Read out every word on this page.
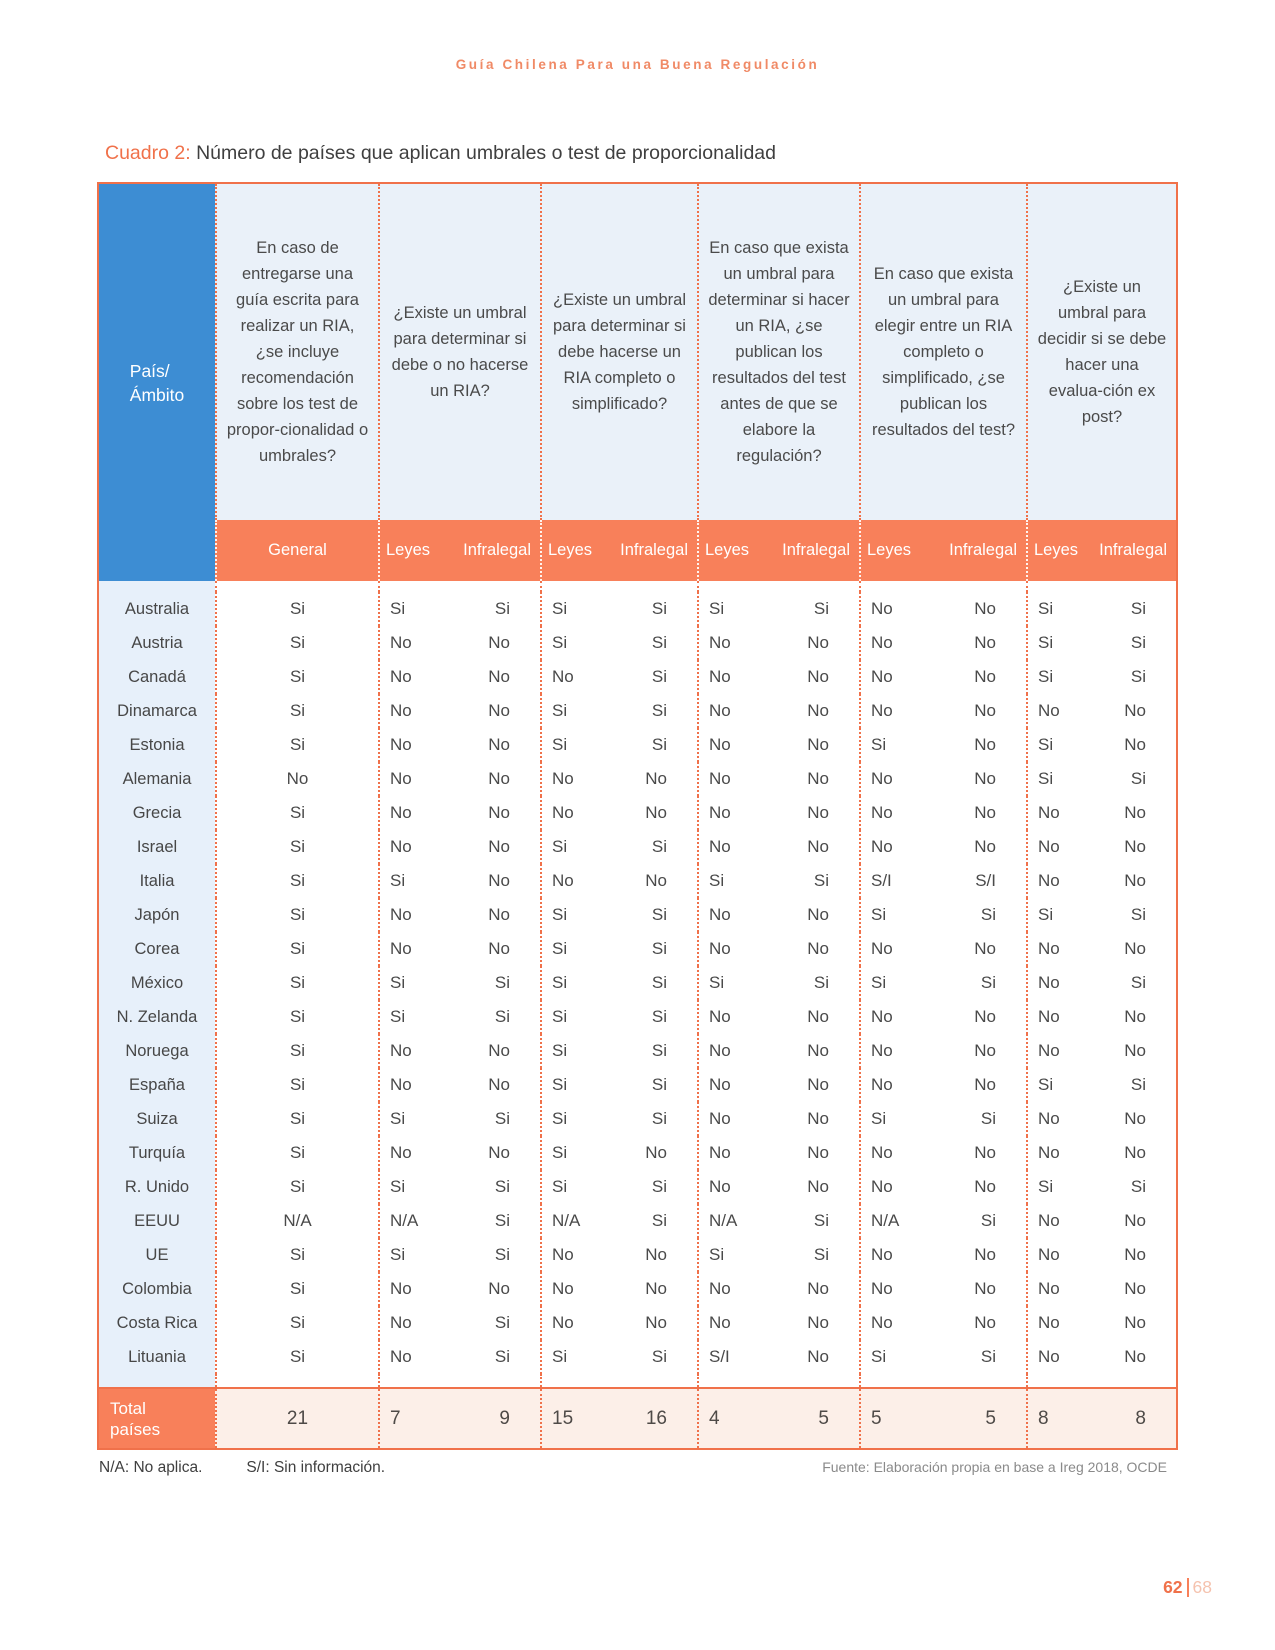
Guía Chilena Para una Buena Regulación
Cuadro 2: Número de países que aplican umbrales o test de proporcionalidad
País/
Ámbito
En caso de entregarse una guía escrita para realizar un RIA, ¿se incluye recomendación sobre los test de propor-cionalidad o umbrales?
¿Existe un umbral para determinar si debe o no hacerse un RIA?
¿Existe un umbral para determinar si debe hacerse un RIA completo o simplificado?
En caso que exista un umbral para determinar si hacer un RIA, ¿se publican los resultados del test antes de que se elabore la regulación?
En caso que exista un umbral para elegir entre un RIA completo o simplificado, ¿se publican los resultados del test?
¿Existe un umbral para decidir si se debe hacer una evalua-ción ex post?
General	Leyes	Infralegal	Leyes	Infralegal	Leyes	Infralegal	Leyes	Infralegal	Leyes	Infralegal
Australia	Si	Si	Si	Si	Si	Si	Si	No	No	Si	Si
Austria	Si	No	No	Si	Si	No	No	No	No	Si	Si
Canadá	Si	No	No	No	Si	No	No	No	No	Si	Si
Dinamarca	Si	No	No	Si	Si	No	No	No	No	No	No
Estonia	Si	No	No	Si	Si	No	No	Si	No	Si	No
Alemania	No	No	No	No	No	No	No	No	No	Si	Si
Grecia	Si	No	No	No	No	No	No	No	No	No	No
Israel	Si	No	No	Si	Si	No	No	No	No	No	No
Italia	Si	Si	No	No	No	Si	Si	S/I	S/I	No	No
Japón	Si	No	No	Si	Si	No	No	Si	Si	Si	Si
Corea	Si	No	No	Si	Si	No	No	No	No	No	No
México	Si	Si	Si	Si	Si	Si	Si	Si	Si	No	Si
N. Zelanda	Si	Si	Si	Si	Si	No	No	No	No	No	No
Noruega	Si	No	No	Si	Si	No	No	No	No	No	No
España	Si	No	No	Si	Si	No	No	No	No	Si	Si
Suiza	Si	Si	Si	Si	Si	No	No	Si	Si	No	No
Turquía	Si	No	No	Si	No	No	No	No	No	No	No
R. Unido	Si	Si	Si	Si	Si	No	No	No	No	Si	Si
EEUU	N/A	N/A	Si	N/A	Si	N/A	Si	N/A	Si	No	No
UE	Si	Si	Si	No	No	Si	Si	No	No	No	No
Colombia	Si	No	No	No	No	No	No	No	No	No	No
Costa Rica	Si	No	Si	No	No	No	No	No	No	No	No
Lituania	Si	No	Si	Si	Si	S/I	No	Si	Si	No	No
Total
países
21	7	9	15	16	4	5	5	5	8	8
N/A: No aplica.	S/I: Sin información.	Fuente: Elaboración propia en base a Ireg 2018, OCDE
62 68
